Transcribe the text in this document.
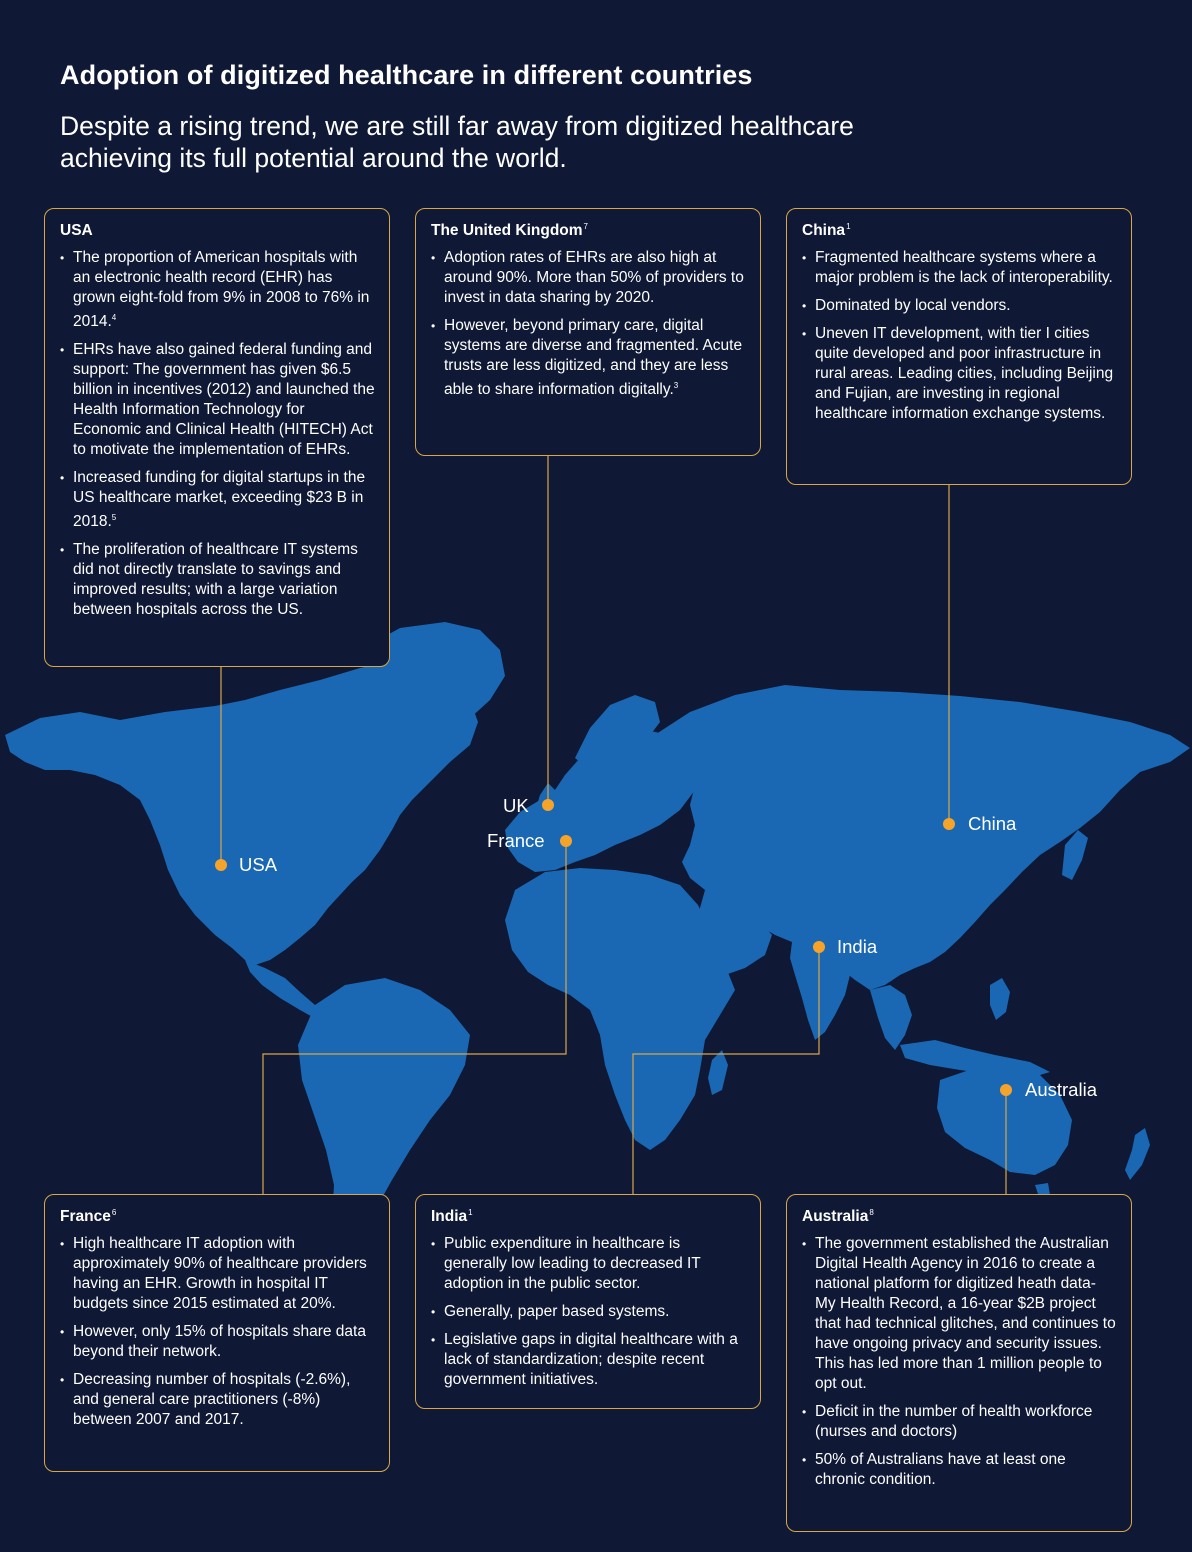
Adoption of digitized healthcare in different countries

Despite a rising trend, we are still far away from digitized healthcare achieving its full potential around the world.

USA
UK
France
China
India
Australia
USA
• The proportion of American hospitals with an electronic health record (EHR) has grown eight-fold from 9% in 2008 to 76% in 2014.$^4$
• EHRs have also gained federal funding and support: The government has given $6.5 billion in incentives (2012) and launched the Health Information Technology for Economic and Clinical Health (HITECH) Act to motivate the implementation of EHRs.
• Increased funding for digital startups in the US healthcare market, exceeding $23 B in 2018.$^5$
• The proliferation of healthcare IT systems did not directly translate to savings and improved results; with a large variation between hospitals across the US.
The United Kingdom$^7$
• Adoption rates of EHRs are also high at around 90%. More than 50% of providers to invest in data sharing by 2020.
• However, beyond primary care, digital systems are diverse and fragmented. Acute trusts are less digitized, and they are less able to share information digitally.$^3$
China$^1$
• Fragmented healthcare systems where a major problem is the lack of interoperability.
• Dominated by local vendors.
• Uneven IT development, with tier I cities quite developed and poor infrastructure in rural areas. Leading cities, including Beijing and Fujian, are investing in regional healthcare information exchange systems.
France$^6$
• High healthcare IT adoption with approximately 90% of healthcare providers having an EHR. Growth in hospital IT budgets since 2015 estimated at 20%.
• However, only 15% of hospitals share data beyond their network.
• Decreasing number of hospitals (-2.6%), and general care practitioners (-8%) between 2007 and 2017.
India$^1$
• Public expenditure in healthcare is generally low leading to decreased IT adoption in the public sector.
• Generally, paper based systems.
• Legislative gaps in digital healthcare with a lack of standardization; despite recent government initiatives.
Australia$^8$
• The government established the Australian Digital Health Agency in 2016 to create a national platform for digitized heath data- My Health Record, a 16-year $2B project that had technical glitches, and continues to have ongoing privacy and security issues. This has led more than 1 million people to opt out.
• Deficit in the number of health workforce (nurses and doctors)
• 50% of Australians have at least one chronic condition.
